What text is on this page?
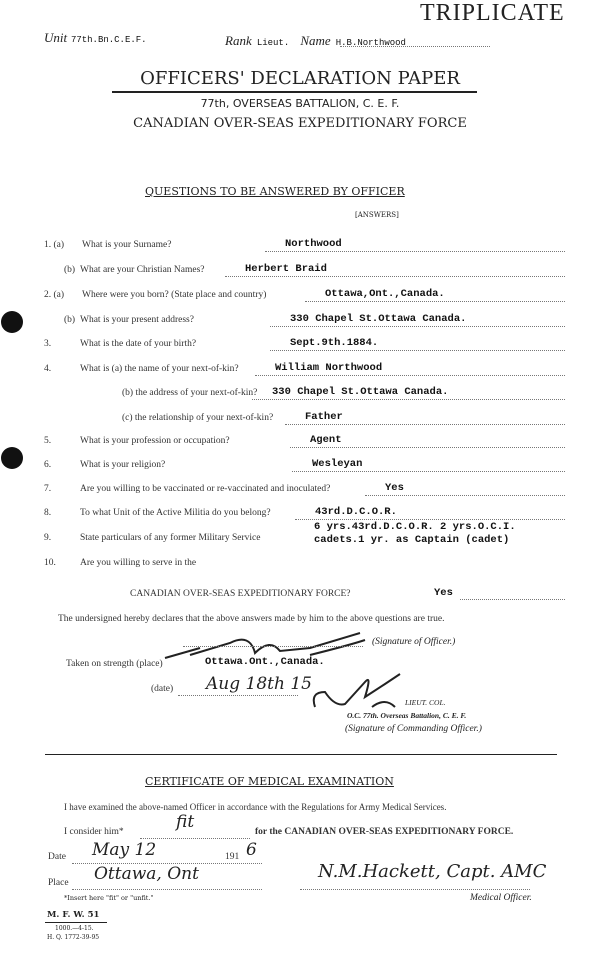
TRIPLICATE
Unit 77th.Bn.C.E.F.	Rank Lieut. Name H.B.Northwood
OFFICERS' DECLARATION PAPER
77th, OVERSEAS BATTALION, C. E. F.
CANADIAN OVER-SEAS EXPEDITIONARY FORCE
QUESTIONS TO BE ANSWERED BY OFFICER
[ANSWERS]
1. (a) What is your Surname?	Northwood
(b) What are your Christian Names?	Herbert Braid
2. (a) Where were you born? (State place and country)	Ottawa,Ont.,Canada.
(b) What is your present address?	330 Chapel St.Ottawa Canada.
3.	What is the date of your birth?	Sept.9th.1884.
4.	What is (a) the name of your next-of-kin?	William Northwood
(b) the address of your next-of-kin? 330 Chapel St.Ottawa Canada.
(c) the relationship of your next-of-kin?	Father
5.	What is your profession or occupation?	Agent
6.	What is your religion?	Wesleyan
7.	Are you willing to be vaccinated or re-vaccinated and inoculated?	Yes
8.	To what Unit of the Active Militia do you belong?	43rd.D.C.O.R.
9.	State particulars of any former Military Service
6 yrs.43rd.D.C.O.R. 2 yrs.O.C.I.
cadets.1 yr. as Captain (cadet)
10.	Are you willing to serve in the
CANADIAN OVER-SEAS EXPEDITIONARY FORCE?	Yes
The undersigned hereby declares that the above answers made by him to the above questions are true.
(Signature of Officer.)
Taken on strength (place)	Ottawa.Ont.,Canada.
(date) Aug 18th 15
LIEUT. COL.
O.C. 77th. Overseas Battalion, C. E. F.
(Signature of Commanding Officer.)
CERTIFICATE OF MEDICAL EXAMINATION
I have examined the above-named Officer in accordance with the Regulations for Army Medical Services.
I consider him*	fit	for the CANADIAN OVER-SEAS EXPEDITIONARY FORCE.
Date May 12	191 6
Place Ottawa, Ont	N.M.Hackett, Capt. AMC
Medical Officer.
*Insert here "fit" or "unfit."
M. F. W. 51
1000.—4-15.
H. Q. 1772-39-95
